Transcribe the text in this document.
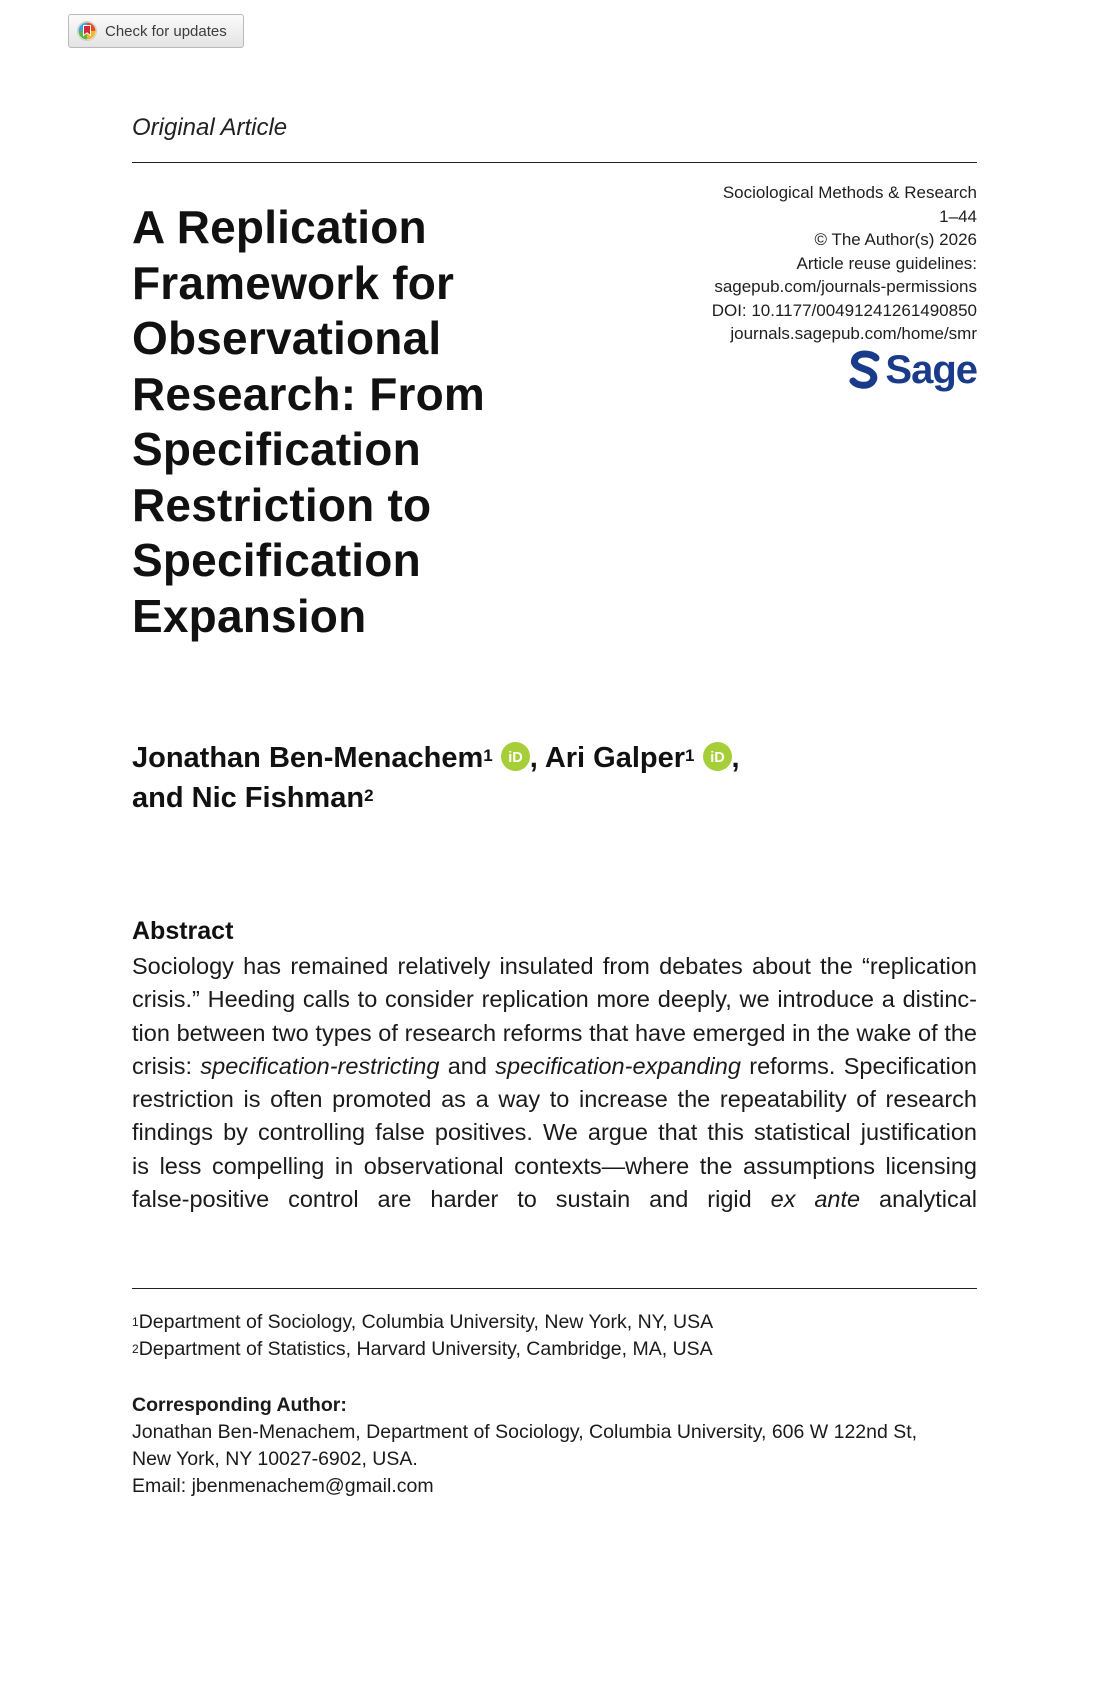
Check for updates
Original Article
A Replication Framework for Observational Research: From Specification Restriction to Specification Expansion
Sociological Methods & Research
1–44
© The Author(s) 2026
Article reuse guidelines:
sagepub.com/journals-permissions
DOI: 10.1177/00491241261490850
journals.sagepub.com/home/smr
Sage
Jonathan Ben-Menachem$^1$ iD , Ari Galper$^1$ iD ,
and Nic Fishman$^2$
Abstract
Sociology has remained relatively insulated from debates about the “replication
crisis.” Heeding calls to consider replication more deeply, we introduce a distinc-
tion between two types of research reforms that have emerged in the wake of the
crisis: specification-restricting and specification-expanding reforms. Specification
restriction is often promoted as a way to increase the repeatability of research
findings by controlling false positives. We argue that this statistical justification
is less compelling in observational contexts—where the assumptions licensing
false-positive control are harder to sustain and rigid ex ante analytical
$^1$Department of Sociology, Columbia University, New York, NY, USA
$^2$Department of Statistics, Harvard University, Cambridge, MA, USA
Corresponding Author:
Jonathan Ben-Menachem, Department of Sociology, Columbia University, 606 W 122nd St,
New York, NY 10027-6902, USA.
Email: jbenmenachem@gmail.com
